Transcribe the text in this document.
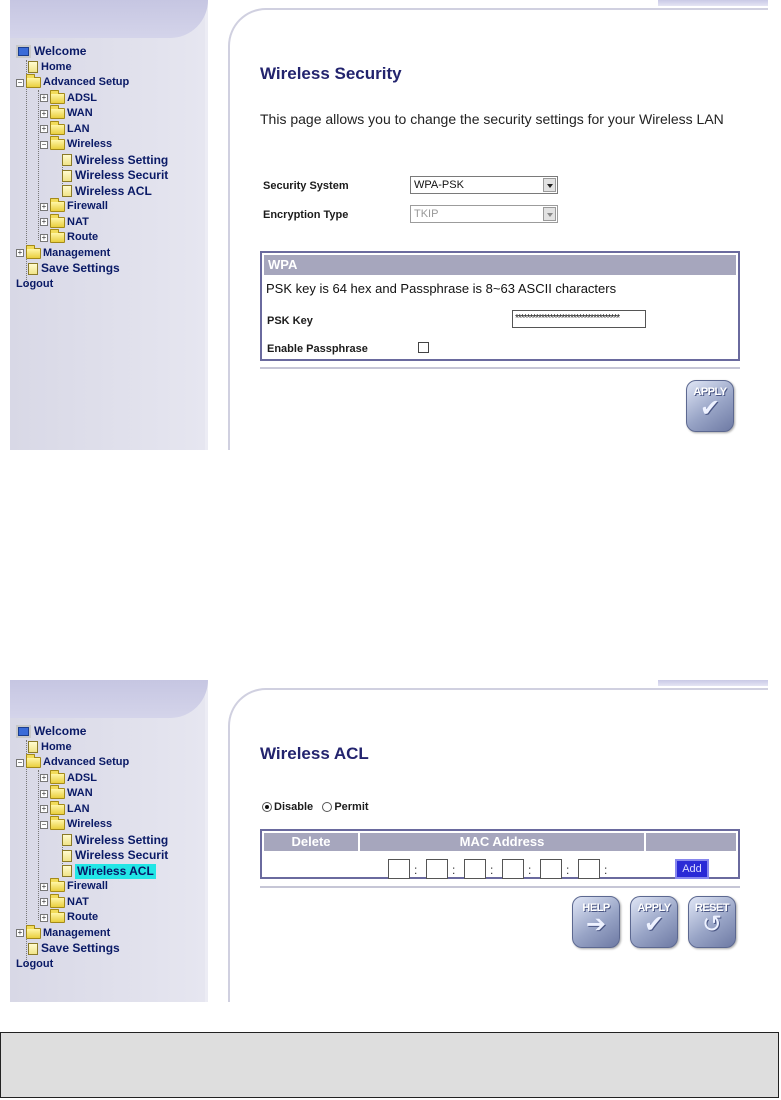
Welcome
Home
− Advanced Setup
+ ADSL
+ WAN
+ LAN
− Wireless
Wireless Setting
Wireless Securit
Wireless ACL
+ Firewall
+ NAT
+ Route
+ Management
Save Settings
Logout
Wireless Security
This page allows you to change the security settings for your Wireless LAN
Security System	WPA-PSK
Encryption Type	TKIP
WPA
PSK key is 64 hex and Passphrase is 8~63 ASCII characters
PSK Key	************************************
Enable Passphrase
APPLY
✔
Welcome
Home
− Advanced Setup
+ ADSL
+ WAN
+ LAN
− Wireless
Wireless Setting
Wireless Securit
Wireless ACL
+ Firewall
+ NAT
+ Route
+ Management
Save Settings
Logout
Wireless ACL
Disable Permit
Delete	MAC Address
:	:	:	:	:	:	Add
HELP
➔
APPLY
✔
RESET
↺
